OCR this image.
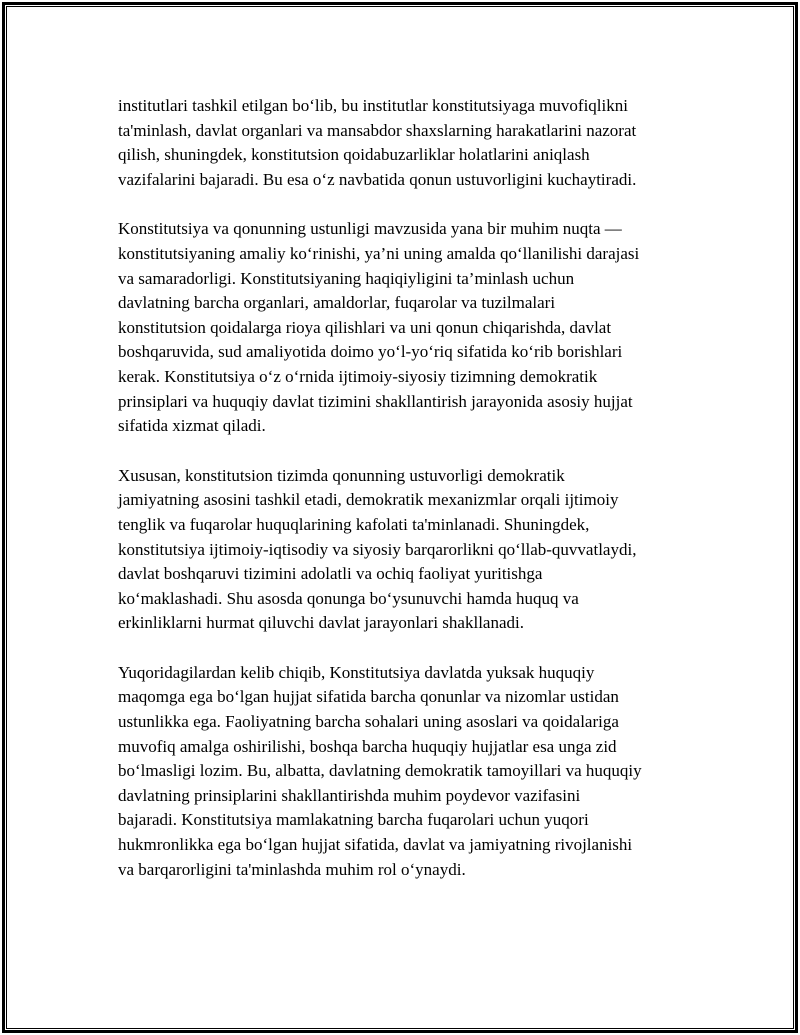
institutlari tashkil etilgan bo‘lib, bu institutlar konstitutsiyaga muvofiqlikni
ta'minlash, davlat organlari va mansabdor shaxslarning harakatlarini nazorat
qilish, shuningdek, konstitutsion qoidabuzarliklar holatlarini aniqlash
vazifalarini bajaradi. Bu esa o‘z navbatida qonun ustuvorligini kuchaytiradi.

Konstitutsiya va qonunning ustunligi mavzusida yana bir muhim nuqta —
konstitutsiyaning amaliy ko‘rinishi, ya’ni uning amalda qo‘llanilishi darajasi
va samaradorligi. Konstitutsiyaning haqiqiyligini ta’minlash uchun
davlatning barcha organlari, amaldorlar, fuqarolar va tuzilmalari
konstitutsion qoidalarga rioya qilishlari va uni qonun chiqarishda, davlat
boshqaruvida, sud amaliyotida doimo yo‘l-yo‘riq sifatida ko‘rib borishlari
kerak. Konstitutsiya o‘z o‘rnida ijtimoiy-siyosiy tizimning demokratik
prinsiplari va huquqiy davlat tizimini shakllantirish jarayonida asosiy hujjat
sifatida xizmat qiladi.

Xususan, konstitutsion tizimda qonunning ustuvorligi demokratik
jamiyatning asosini tashkil etadi, demokratik mexanizmlar orqali ijtimoiy
tenglik va fuqarolar huquqlarining kafolati ta'minlanadi. Shuningdek,
konstitutsiya ijtimoiy-iqtisodiy va siyosiy barqarorlikni qo‘llab-quvvatlaydi,
davlat boshqaruvi tizimini adolatli va ochiq faoliyat yuritishga
ko‘maklashadi. Shu asosda qonunga bo‘ysunuvchi hamda huquq va
erkinliklarni hurmat qiluvchi davlat jarayonlari shakllanadi.

Yuqoridagilardan kelib chiqib, Konstitutsiya davlatda yuksak huquqiy
maqomga ega bo‘lgan hujjat sifatida barcha qonunlar va nizomlar ustidan
ustunlikka ega. Faoliyatning barcha sohalari uning asoslari va qoidalariga
muvofiq amalga oshirilishi, boshqa barcha huquqiy hujjatlar esa unga zid
bo‘lmasligi lozim. Bu, albatta, davlatning demokratik tamoyillari va huquqiy
davlatning prinsiplarini shakllantirishda muhim poydevor vazifasini
bajaradi. Konstitutsiya mamlakatning barcha fuqarolari uchun yuqori
hukmronlikka ega bo‘lgan hujjat sifatida, davlat va jamiyatning rivojlanishi
va barqarorligini ta'minlashda muhim rol o‘ynaydi.
